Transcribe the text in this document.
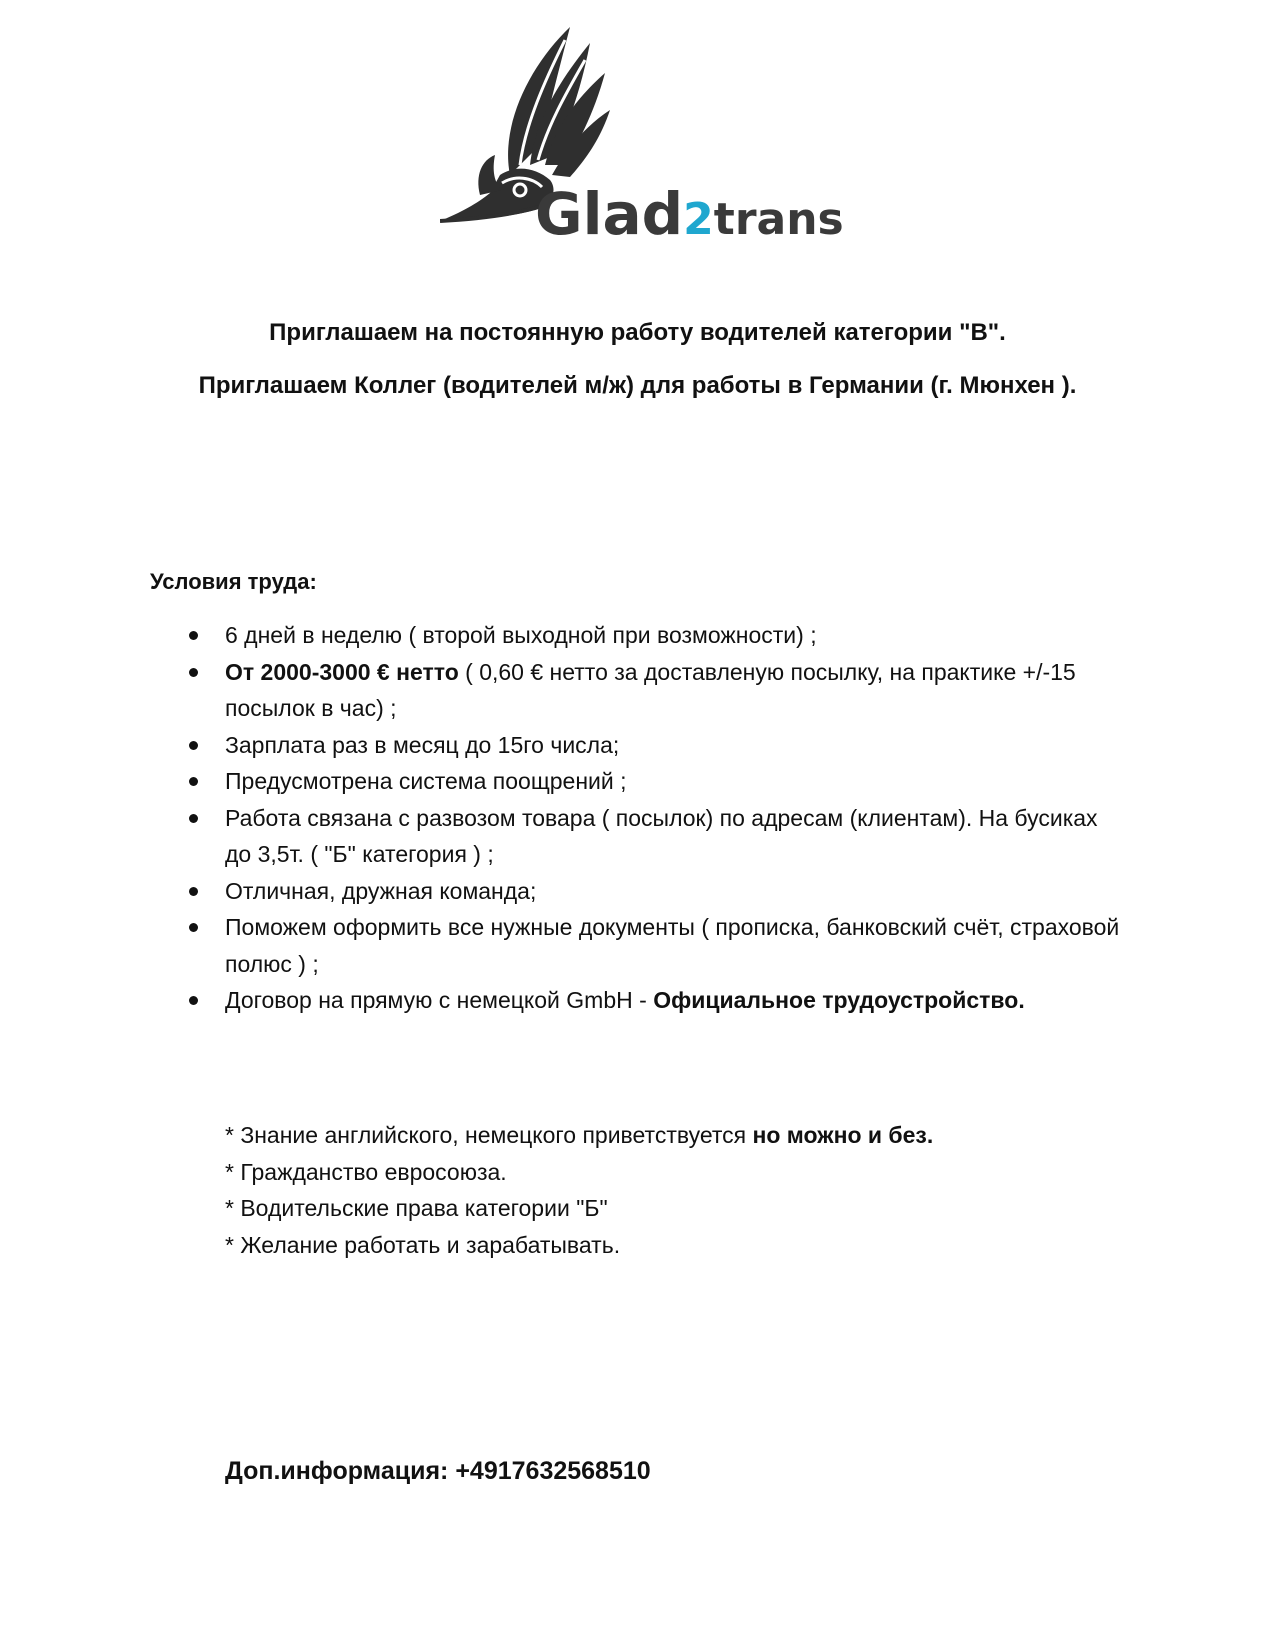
Glad2trans
Приглашаем на постоянную работу водителей категории "В".
Приглашаем Коллег (водителей м/ж) для работы в Германии (г. Мюнхен ).
Условия труда:
6 дней в неделю ( второй выходной при возможности) ;
От 2000-3000 € нетто ( 0,60 € нетто за доставленую посылку, на практике +/-15 посылок в час) ;
Зарплата раз в месяц до 15го числа;
Предусмотрена система поощрений ;
Работа связана с развозом товара ( посылок) по адресам (клиентам). На бусиках до 3,5т. ( "Б" категория ) ;
Отличная, дружная команда;
Поможем оформить все нужные документы ( прописка, банковский счёт, страховой полюс ) ;
Договор на прямую с немецкой GmbH - Официальное трудоустройство.
* Знание английского, немецкого приветствуется но можно и без.
* Гражданство евросоюза.
* Водительские права категории "Б"
* Желание работать и зарабатывать.
Доп.информация: +4917632568510
